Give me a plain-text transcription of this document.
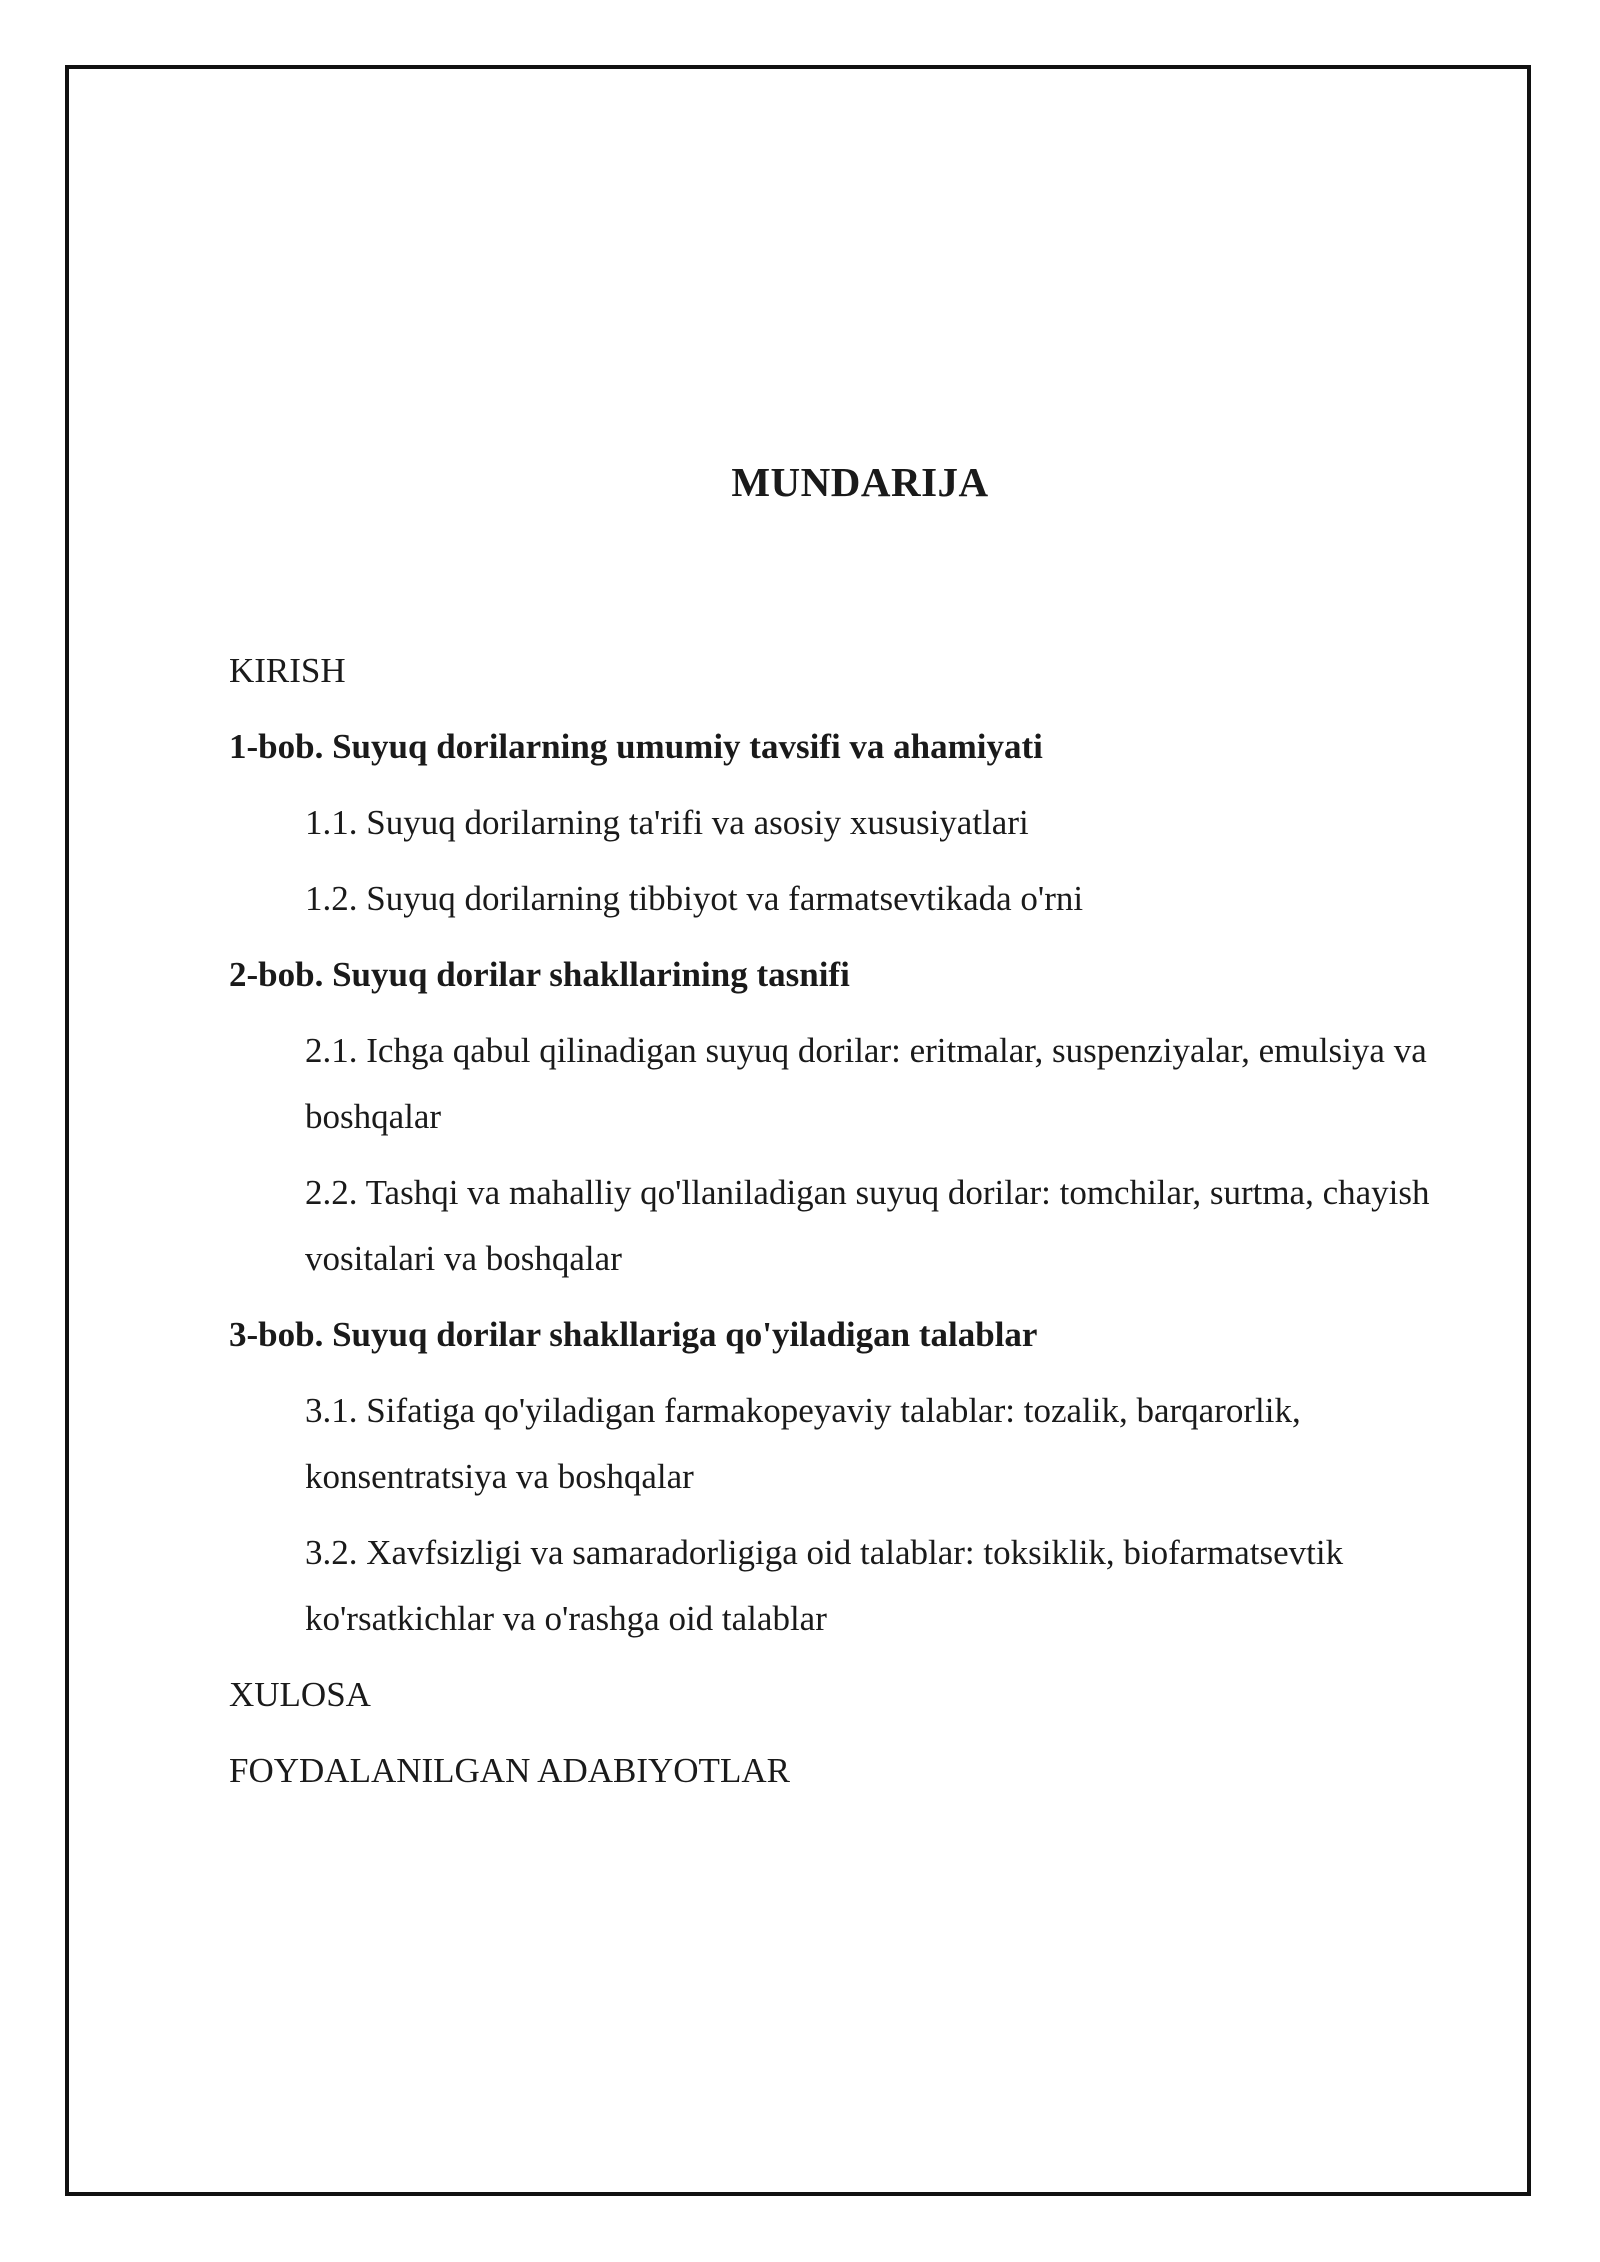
MUNDARIJA
KIRISH
1-bob. Suyuq dorilarning umumiy tavsifi va ahamiyati
1.1. Suyuq dorilarning ta'rifi va asosiy xususiyatlari
1.2. Suyuq dorilarning tibbiyot va farmatsevtikada o'rni
2-bob. Suyuq dorilar shakllarining tasnifi
2.1. Ichga qabul qilinadigan suyuq dorilar: eritmalar, suspenziyalar, emulsiya va boshqalar
2.2. Tashqi va mahalliy qo'llaniladigan suyuq dorilar: tomchilar, surtma, chayish vositalari va boshqalar
3-bob. Suyuq dorilar shakllariga qo'yiladigan talablar
3.1. Sifatiga qo'yiladigan farmakopeyaviy talablar: tozalik, barqarorlik, konsentratsiya va boshqalar
3.2. Xavfsizligi va samaradorligiga oid talablar: toksiklik, biofarmatsevtik ko'rsatkichlar va o'rashga oid talablar
XULOSA
FOYDALANILGAN ADABIYOTLAR
